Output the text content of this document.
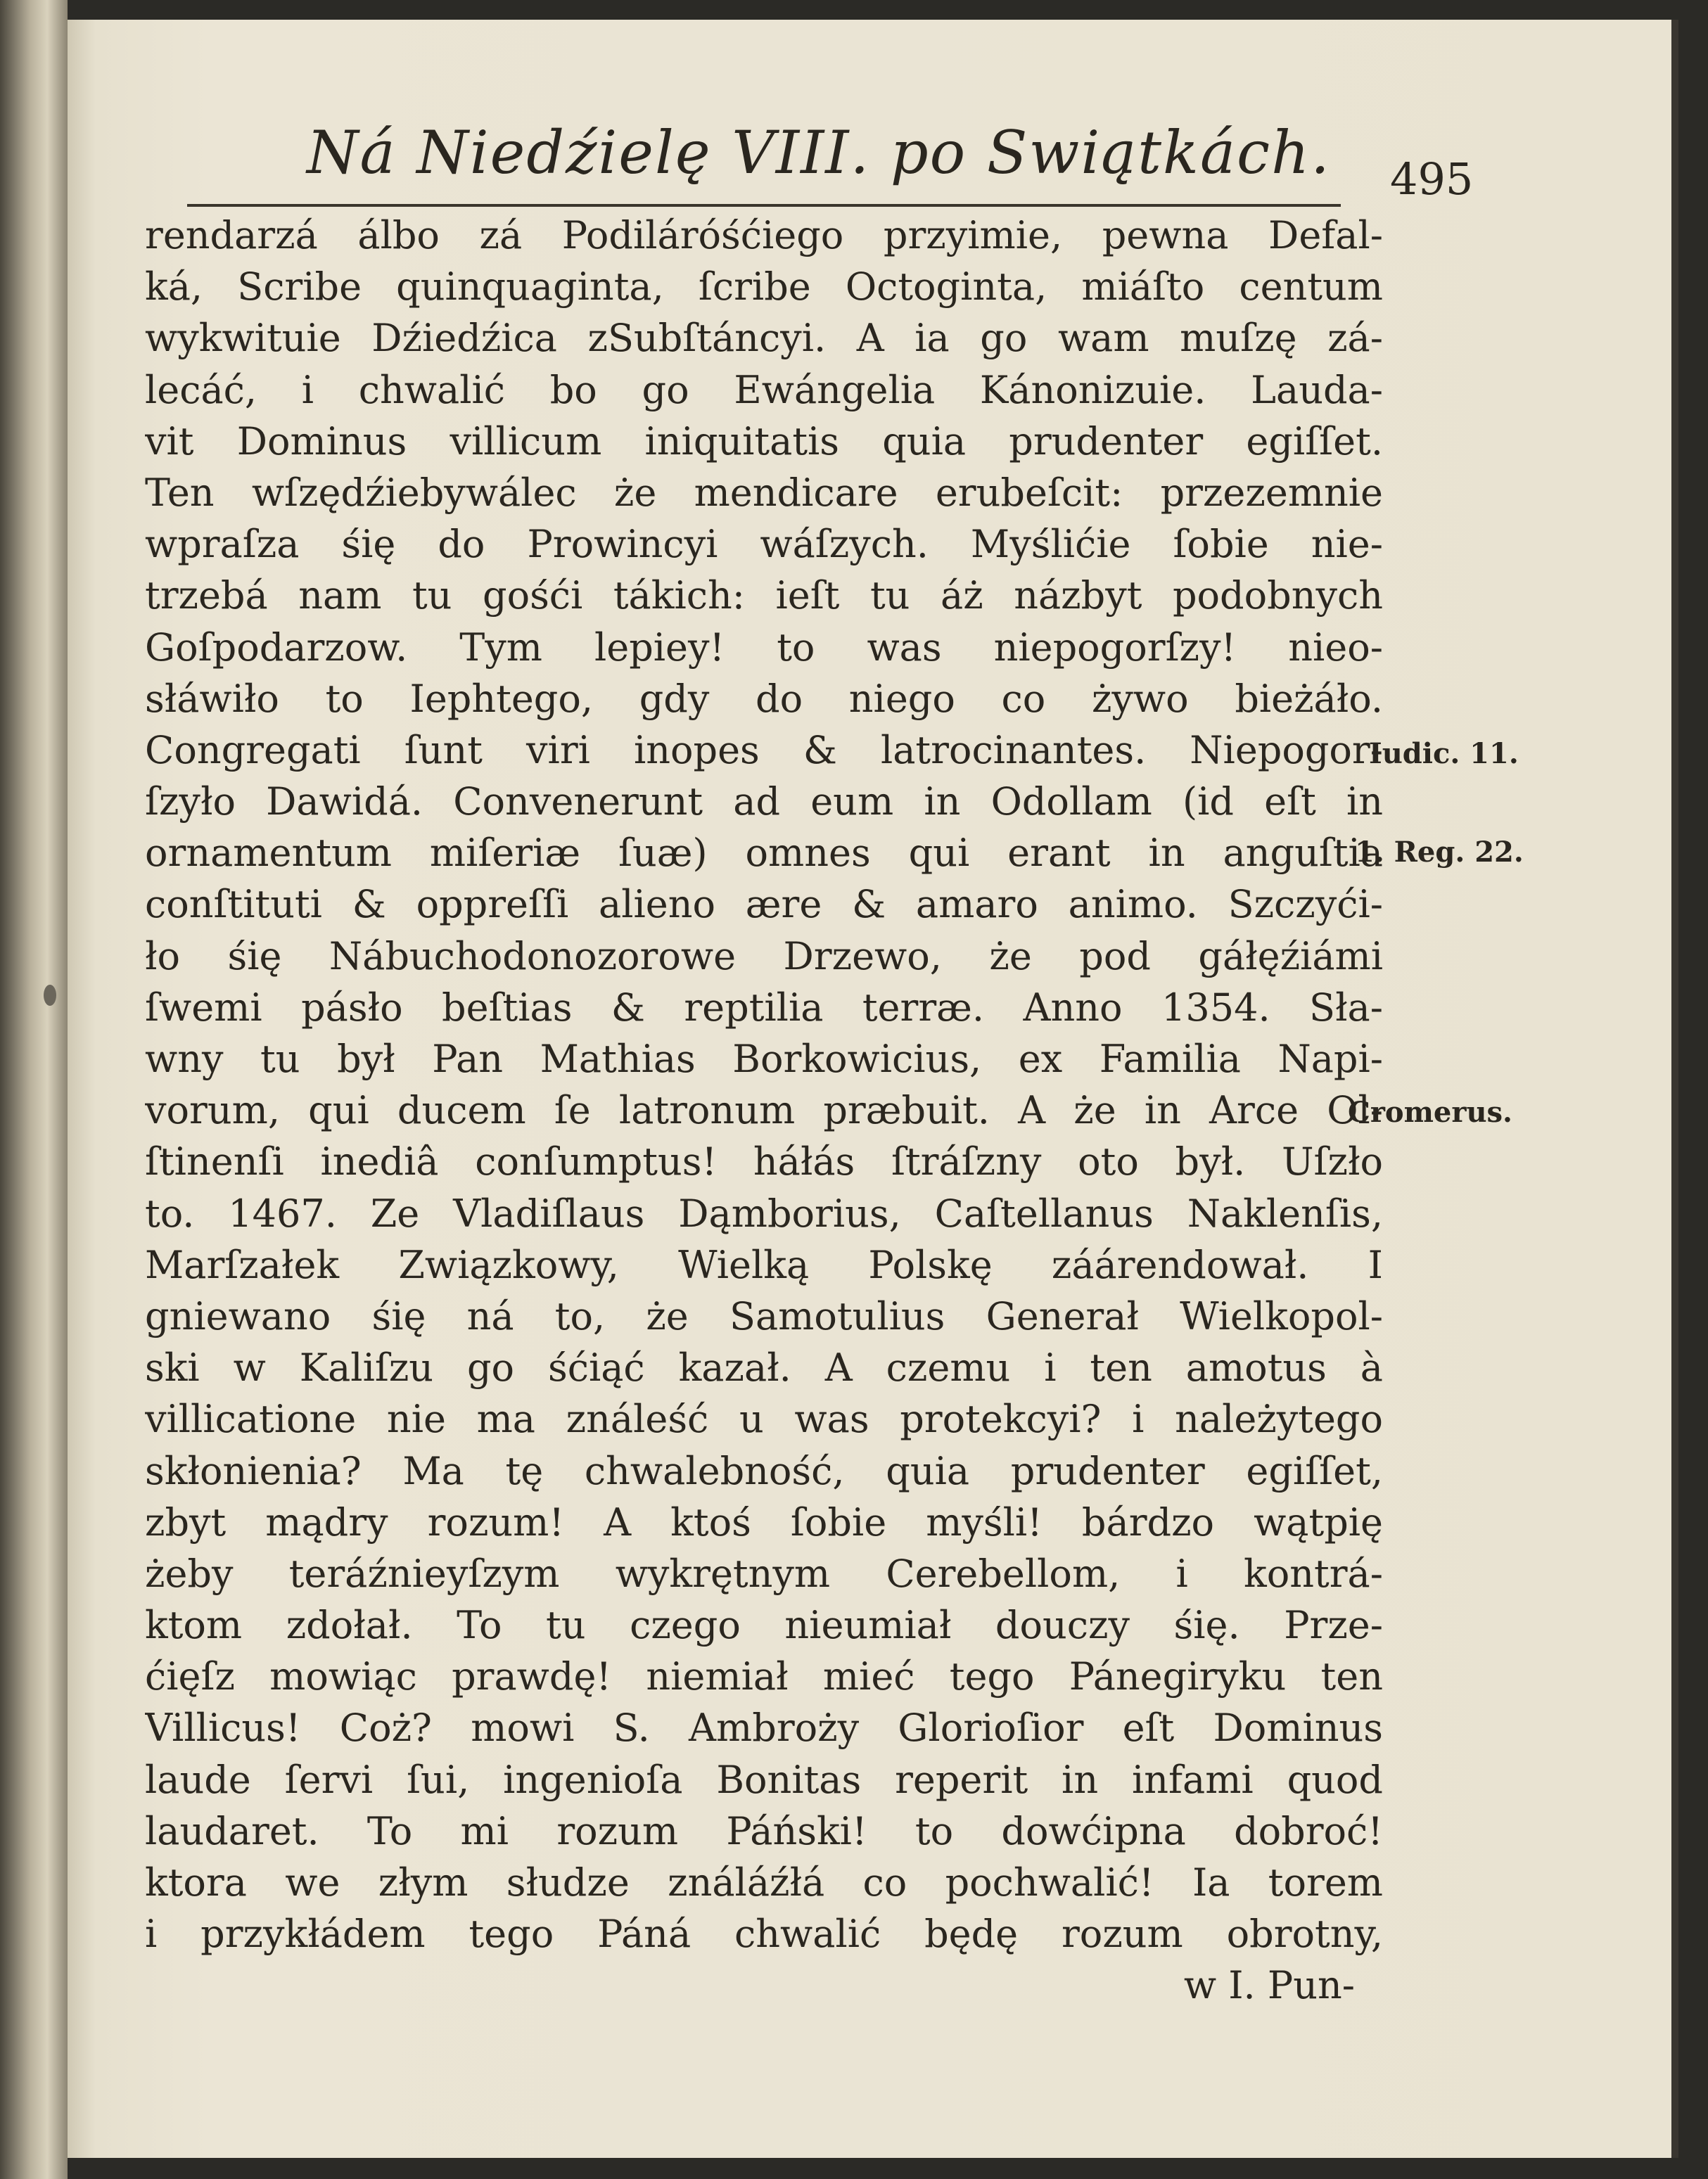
Ná Niedźielę VIII. po Swiątkách. 495
rendarzá álbo zá Podiláróśćiego przyimie, pewna Defal-
ká, Scribe quinquaginta, ſcribe Octoginta, miáſto centum
wykwituie Dźiedźica zSubſtáncyi. A ia go wam muſzę zá-
lecáć, i chwalić bo go Ewángelia Kánonizuie. Lauda-
vit Dominus villicum iniquitatis quia prudenter egiſſet.
Ten wſzędźiebywálec że mendicare erubeſcit: przezemnie
wpraſza śię do Prowincyi wáſzych. Myślićie ſobie nie-
trzebá nam tu gośći tákich: ieſt tu áż názbyt podobnych
Goſpodarzow. Tym lepiey! to was niepogorſzy! nieo-
słáwiło to Iephtego, gdy do niego co żywo bieżáło.
Congregati ſunt viri inopes & latrocinantes. Niepogor-
ſzyło Dawidá. Convenerunt ad eum in Odollam (id eſt in
ornamentum miſeriæ ſuæ) omnes qui erant in anguſtia
conſtituti & oppreſſi alieno ære & amaro animo. Szczyći-
ło śię Nábuchodonozorowe Drzewo, że pod gáłęźiámi
ſwemi pásło beſtias & reptilia terræ. Anno 1354. Sła-
wny tu był Pan Mathias Borkowicius, ex Familia Napi-
vorum, qui ducem ſe latronum præbuit. A że in Arce Ol-
ſtinenſi inediâ conſumptus! háłás ſtráſzny oto był. Uſzło
to. 1467. Ze Vladiſlaus Dąmborius, Caſtellanus Naklenſis,
Marſzałek Związkowy, Wielką Polskę záárendował. I
gniewano śię ná to, że Samotulius Generał Wielkopol-
ski w Kaliſzu go śćiąć kazał. A czemu i ten amotus à
villicatione nie ma ználeść u was protekcyi? i należytego
skłonienia? Ma tę chwalebność, quia prudenter egiſſet,
zbyt mądry rozum! A ktoś ſobie myśli! bárdzo wątpię
żeby teráźnieyſzym wykrętnym Cerebellom, i kontrá-
ktom zdołał. To tu czego nieumiał douczy śię. Prze-
ćięſz mowiąc prawdę! niemiał mieć tego Pánegiryku ten
Villicus! Coż? mowi S. Ambroży Glorioſior eſt Dominus
laude ſervi ſui, ingenioſa Bonitas reperit in infami quod
laudaret. To mi rozum Páński! to dowćipna dobroć!
ktora we złym słudze ználáźłá co pochwalić! Ia torem
i przykłádem tego Páná chwalić będę rozum obrotny,
w I. Pun-
Iudic. 11.
1. Reg. 22.
Cromerus.
